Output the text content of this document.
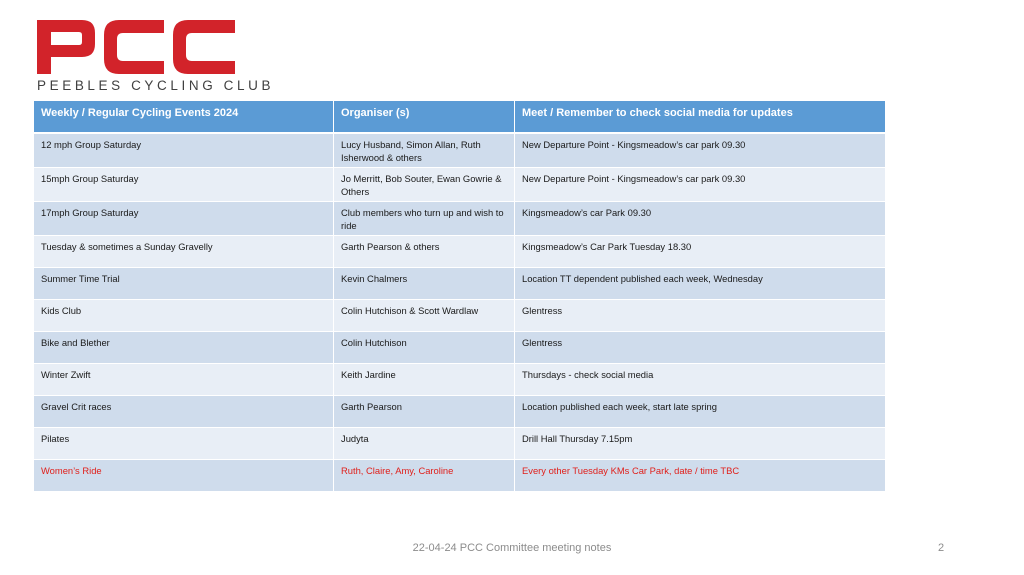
PEEBLES CYCLING CLUB
Weekly / Regular Cycling Events 2024	Organiser (s)	Meet / Remember to check social media for updates
12 mph Group Saturday	Lucy Husband, Simon Allan, Ruth Isherwood & others	New Departure Point - Kingsmeadow’s car park 09.30
15mph Group Saturday	Jo Merritt, Bob Souter, Ewan Gowrie & Others	New Departure Point - Kingsmeadow’s car park 09.30
17mph Group Saturday	Club members who turn up and wish to ride	Kingsmeadow’s car Park 09.30
Tuesday & sometimes a Sunday Gravelly	Garth Pearson & others	Kingsmeadow’s Car Park Tuesday 18.30
Summer Time Trial	Kevin Chalmers	Location TT dependent published each week, Wednesday
Kids Club	Colin Hutchison & Scott Wardlaw	Glentress
Bike and Blether	Colin Hutchison	Glentress
Winter Zwift	Keith Jardine	Thursdays - check social media
Gravel Crit races	Garth Pearson	Location published each week, start late spring
Pilates	Judyta	Drill Hall Thursday 7.15pm
Women’s Ride	Ruth, Claire, Amy, Caroline	Every other Tuesday KMs Car Park, date / time TBC
22-04-24 PCC Committee meeting notes	2
